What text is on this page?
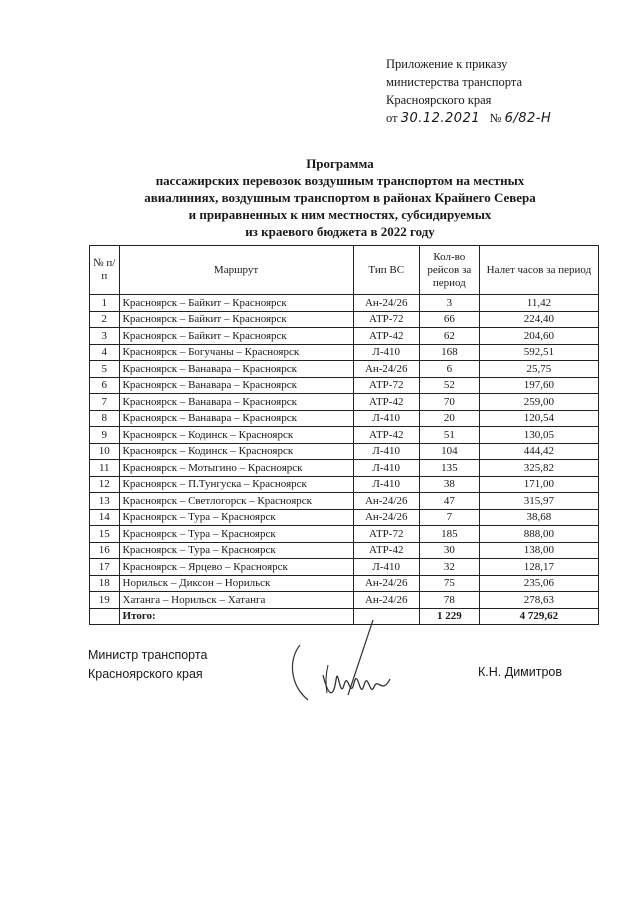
Приложение к приказу
министерства транспорта
Красноярского края
от 30.12.2021 № 6/82-Н
Программа
пассажирских перевозок воздушным транспортом на местных
авиалиниях, воздушным транспортом в районах Крайнего Севера
и приравненных к ним местностях, субсидируемых
из краевого бюджета в 2022 году
№ п/п	Маршрут	Тип ВС	Кол-во рейсов за период	Налет часов за период
1	Красноярск – Байкит – Красноярск	Ан-24/26	3	11,42
2	Красноярск – Байкит – Красноярск	АТР-72	66	224,40
3	Красноярск – Байкит – Красноярск	АТР-42	62	204,60
4	Красноярск – Богучаны – Красноярск	Л-410	168	592,51
5	Красноярск – Ванавара – Красноярск	Ан-24/26	6	25,75
6	Красноярск – Ванавара – Красноярск	АТР-72	52	197,60
7	Красноярск – Ванавара – Красноярск	АТР-42	70	259,00
8	Красноярск – Ванавара – Красноярск	Л-410	20	120,54
9	Красноярск – Кодинск – Красноярск	АТР-42	51	130,05
10	Красноярск – Кодинск – Красноярск	Л-410	104	444,42
11	Красноярск – Мотыгино – Красноярск	Л-410	135	325,82
12	Красноярск – П.Тунгуска – Красноярск	Л-410	38	171,00
13	Красноярск – Светлогорск – Красноярск	Ан-24/26	47	315,97
14	Красноярск – Тура – Красноярск	Ан-24/26	7	38,68
15	Красноярск – Тура – Красноярск	АТР-72	185	888,00
16	Красноярск – Тура – Красноярск	АТР-42	30	138,00
17	Красноярск – Ярцево – Красноярск	Л-410	32	128,17
18	Норильск – Диксон – Норильск	Ан-24/26	75	235,06
19	Хатанга – Норильск – Хатанга	Ан-24/26	78	278,63
	Итого:		1 229	4 729,62
Министр транспорта
Красноярского края	К.Н. Димитров
